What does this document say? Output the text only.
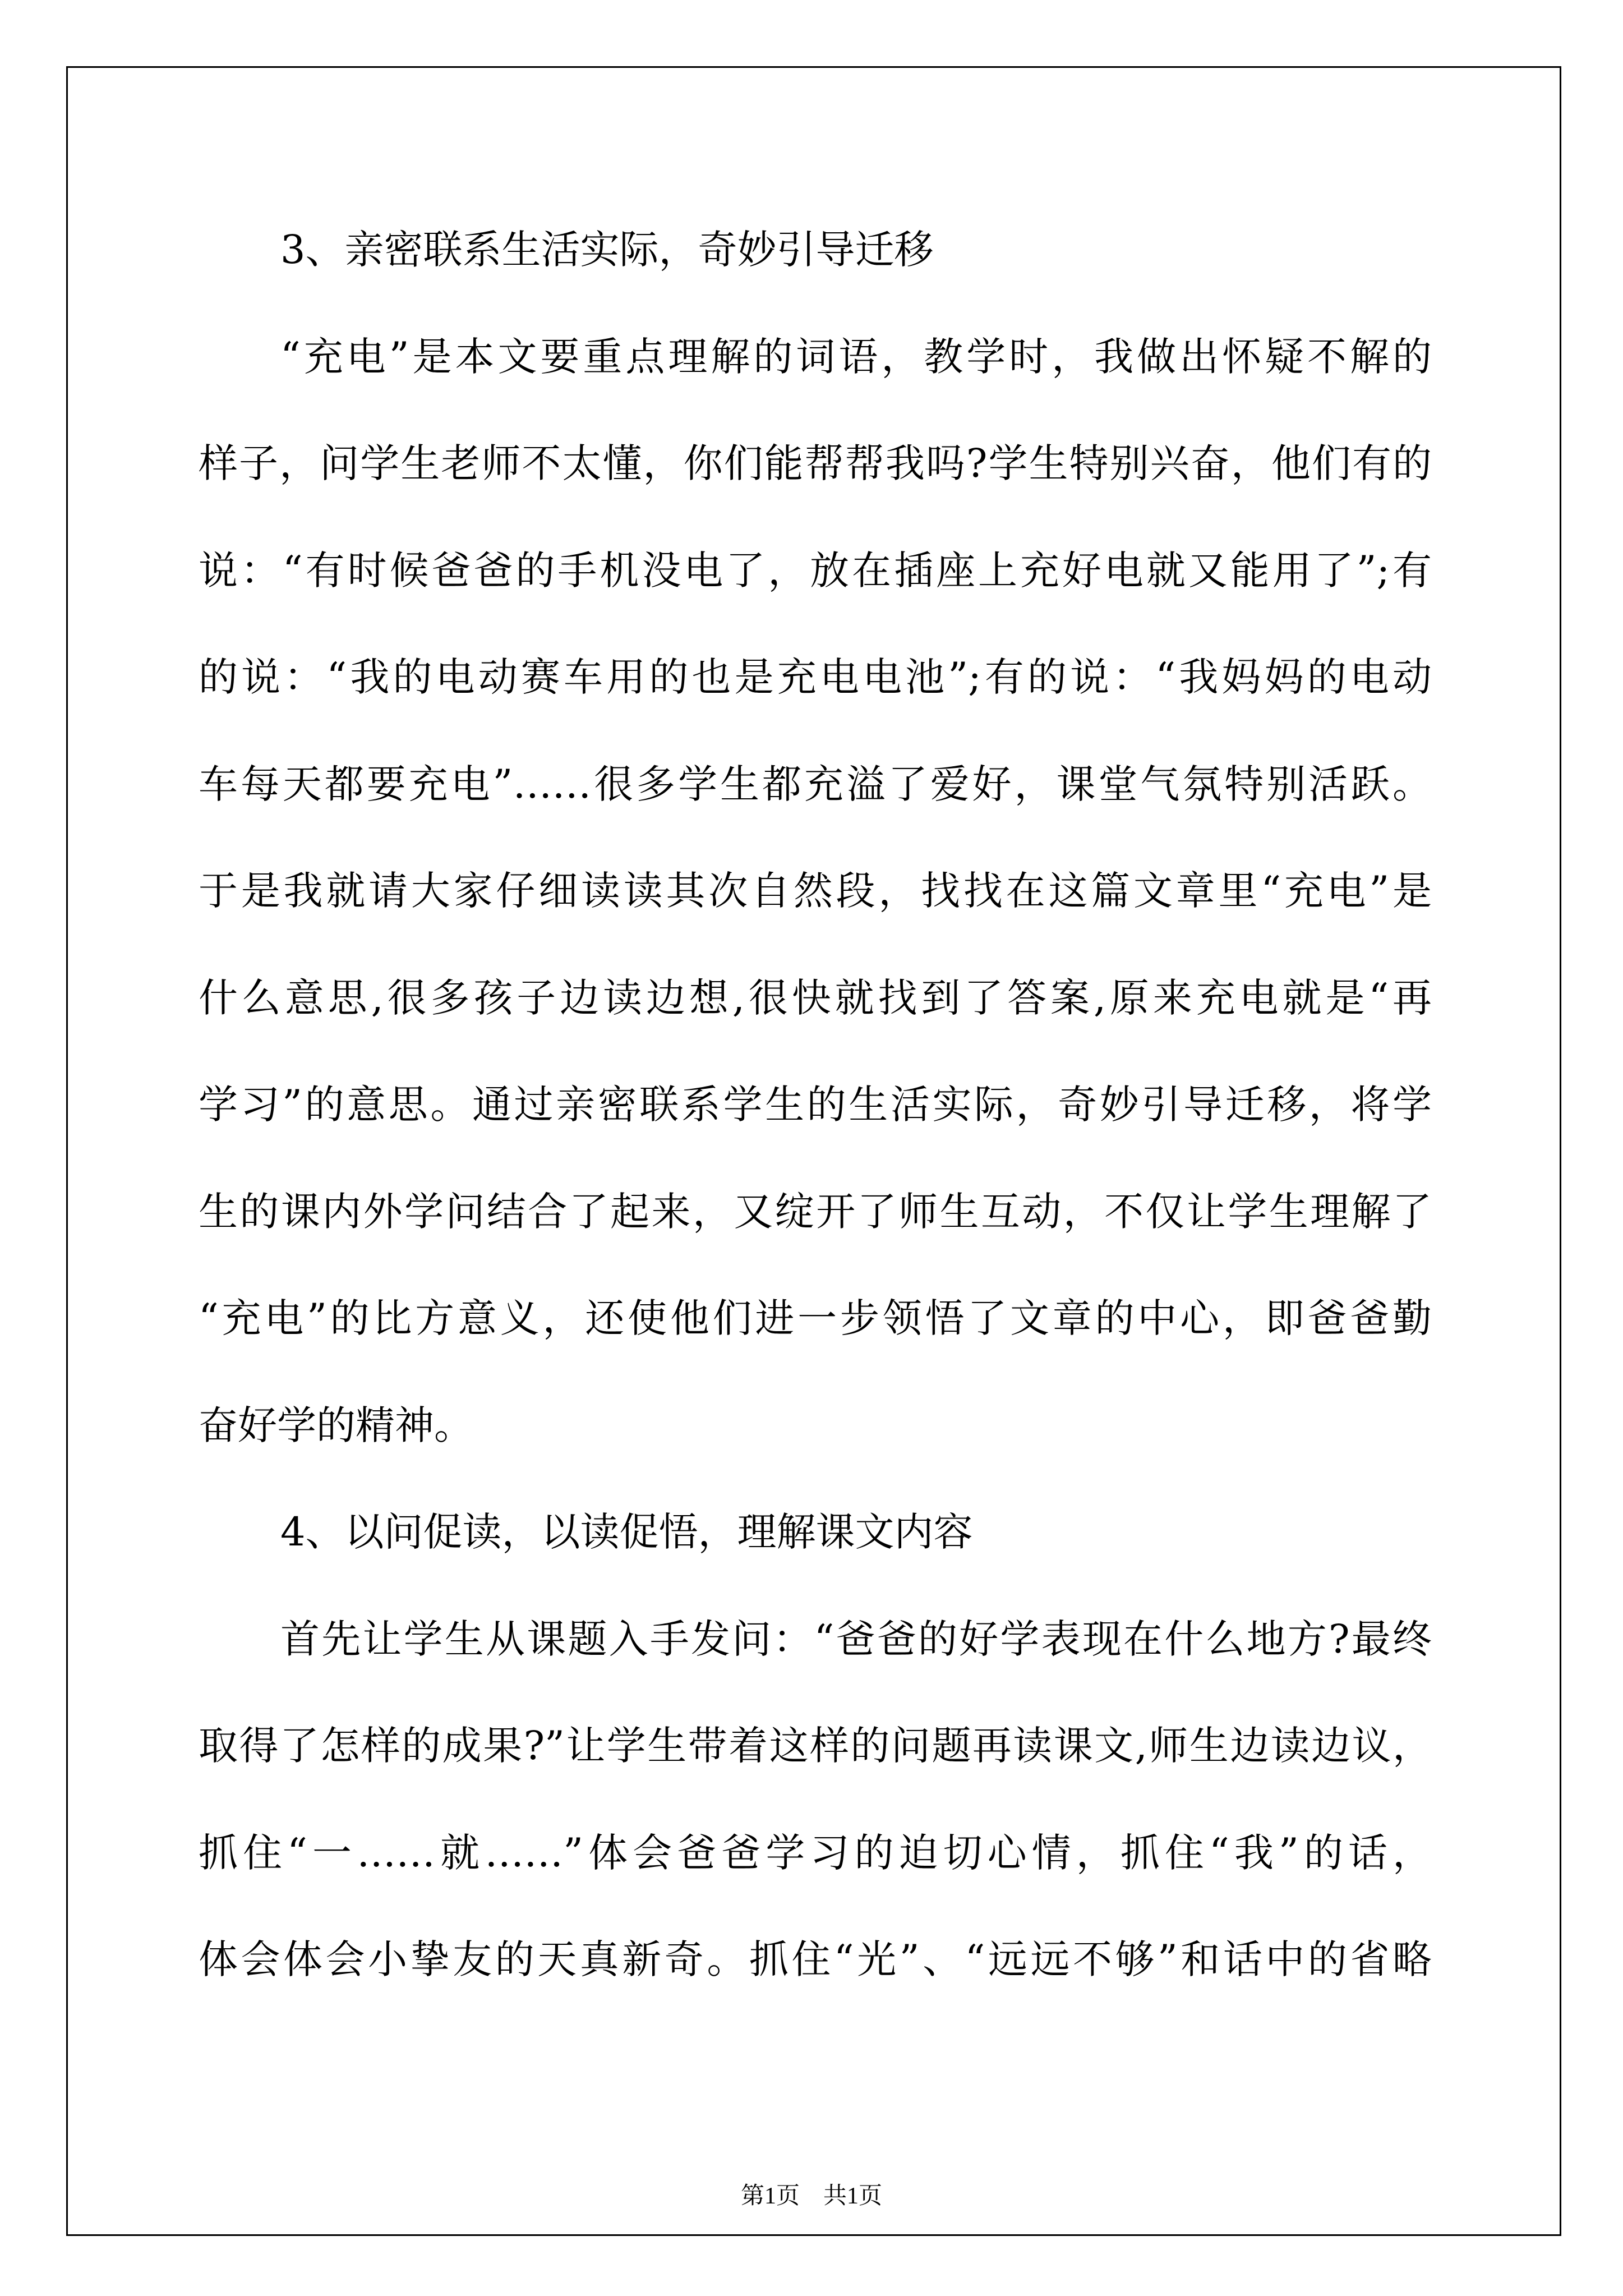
3、亲密联系生活实际，奇妙引导迁移
“充电”是本文要重点理解的词语，教学时，我做出怀疑不解的
样子，问学生老师不太懂，你们能帮帮我吗?学生特别兴奋，他们有的
说：“有时候爸爸的手机没电了，放在插座上充好电就又能用了”;有
的说：“我的电动赛车用的也是充电电池”;有的说：“我妈妈的电动
车每天都要充电”……很多学生都充溢了爱好，课堂气氛特别活跃。
于是我就请大家仔细读读其次自然段，找找在这篇文章里“充电”是
什么意思,很多孩子边读边想,很快就找到了答案,原来充电就是“再
学习”的意思。通过亲密联系学生的生活实际，奇妙引导迁移，将学
生的课内外学问结合了起来，又绽开了师生互动，不仅让学生理解了
“充电”的比方意义，还使他们进一步领悟了文章的中心，即爸爸勤
奋好学的精神。
4、以问促读，以读促悟，理解课文内容
首先让学生从课题入手发问：“爸爸的好学表现在什么地方?最终
取得了怎样的成果?”让学生带着这样的问题再读课文,师生边读边议，
抓住“一……就……”体会爸爸学习的迫切心情，抓住“我”的话，
体会体会小挚友的天真新奇。抓住“光”、“远远不够”和话中的省略
第1页　共1页
